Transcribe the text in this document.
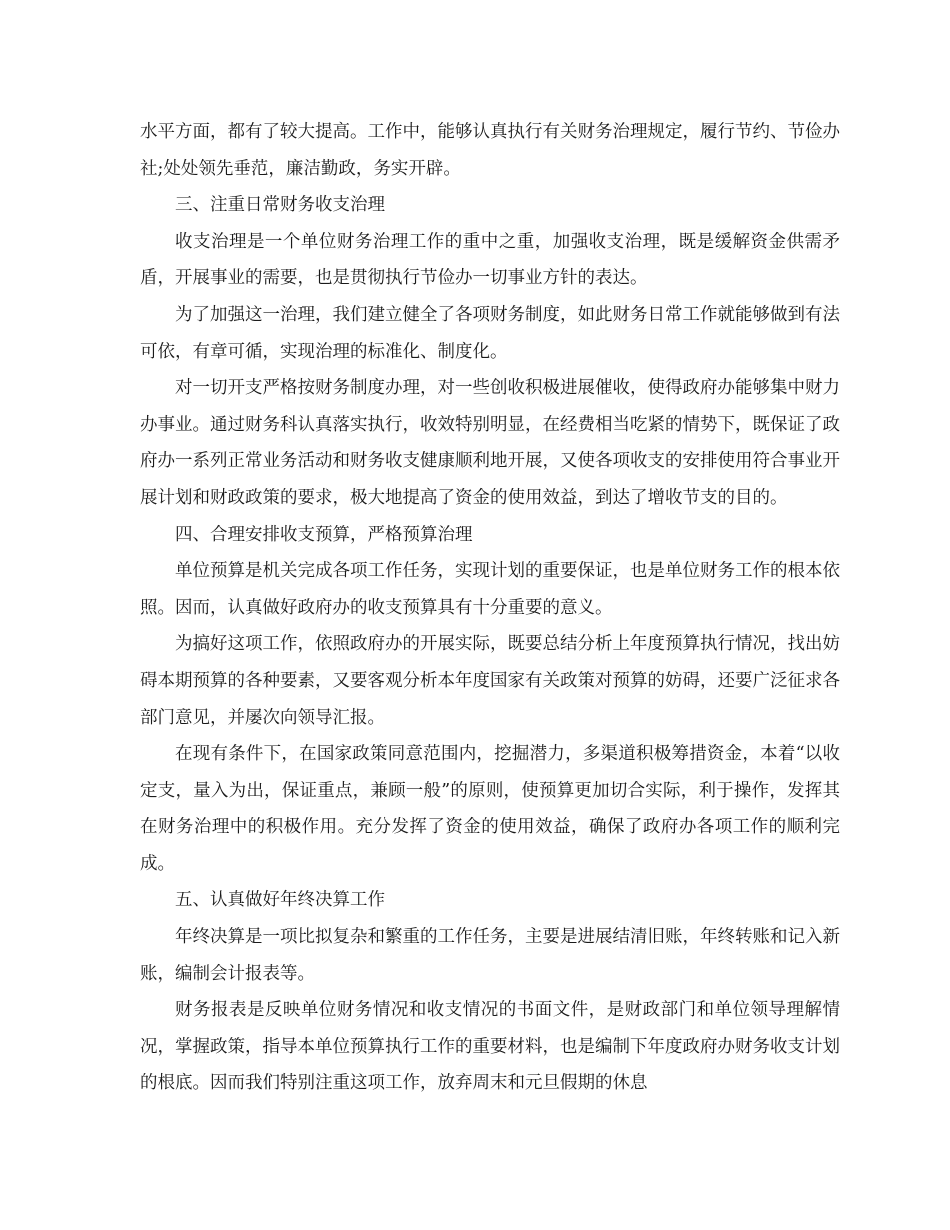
水平方面，都有了较大提高。工作中，能够认真执行有关财务治理规定，履行节约、节俭办社;处处领先垂范，廉洁勤政，务实开辟。

三、注重日常财务收支治理

收支治理是一个单位财务治理工作的重中之重，加强收支治理，既是缓解资金供需矛盾，开展事业的需要，也是贯彻执行节俭办一切事业方针的表达。

为了加强这一治理，我们建立健全了各项财务制度，如此财务日常工作就能够做到有法可依，有章可循，实现治理的标准化、制度化。

对一切开支严格按财务制度办理，对一些创收积极进展催收，使得政府办能够集中财力办事业。通过财务科认真落实执行，收效特别明显，在经费相当吃紧的情势下，既保证了政府办一系列正常业务活动和财务收支健康顺利地开展，又使各项收支的安排使用符合事业开展计划和财政政策的要求，极大地提高了资金的使用效益，到达了增收节支的目的。

四、合理安排收支预算，严格预算治理

单位预算是机关完成各项工作任务，实现计划的重要保证，也是单位财务工作的根本依照。因而，认真做好政府办的收支预算具有十分重要的意义。

为搞好这项工作，依照政府办的开展实际，既要总结分析上年度预算执行情况，找出妨碍本期预算的各种要素，又要客观分析本年度国家有关政策对预算的妨碍，还要广泛征求各部门意见，并屡次向领导汇报。

在现有条件下，在国家政策同意范围内，挖掘潜力，多渠道积极筹措资金，本着“以收定支，量入为出，保证重点，兼顾一般”的原则，使预算更加切合实际，利于操作，发挥其在财务治理中的积极作用。充分发挥了资金的使用效益，确保了政府办各项工作的顺利完成。

五、认真做好年终决算工作

年终决算是一项比拟复杂和繁重的工作任务，主要是进展结清旧账，年终转账和记入新账，编制会计报表等。

财务报表是反映单位财务情况和收支情况的书面文件，是财政部门和单位领导理解情况，掌握政策，指导本单位预算执行工作的重要材料，也是编制下年度政府办财务收支计划的根底。因而我们特别注重这项工作，放弃周末和元旦假期的休息
